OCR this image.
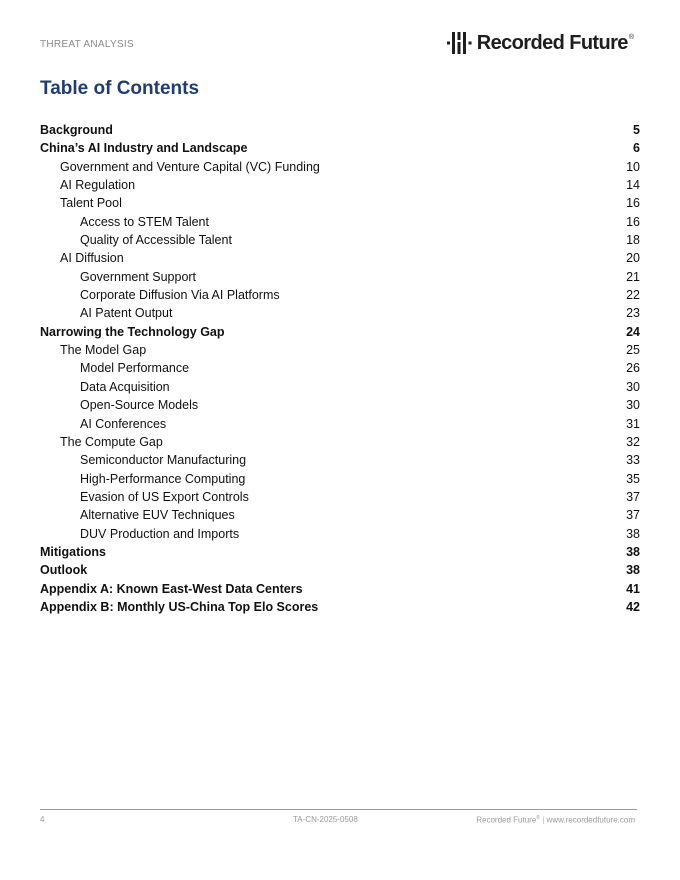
THREAT ANALYSIS	Recorded Future ®
Table of Contents
Background	5
China’s AI Industry and Landscape	6
Government and Venture Capital (VC) Funding	10
AI Regulation	14
Talent Pool	16
Access to STEM Talent	16
Quality of Accessible Talent	18
AI Diffusion	20
Government Support	21
Corporate Diffusion Via AI Platforms	22
AI Patent Output	23
Narrowing the Technology Gap	24
The Model Gap	25
Model Performance	26
Data Acquisition	30
Open-Source Models	30
AI Conferences	31
The Compute Gap	32
Semiconductor Manufacturing	33
High-Performance Computing	35
Evasion of US Export Controls	37
Alternative EUV Techniques	37
DUV Production and Imports	38
Mitigations	38
Outlook	38
Appendix A: Known East-West Data Centers	41
Appendix B: Monthly US-China Top Elo Scores	42
4	TA-CN-2025-0508	Recorded Future® | www.recordedfuture.com
